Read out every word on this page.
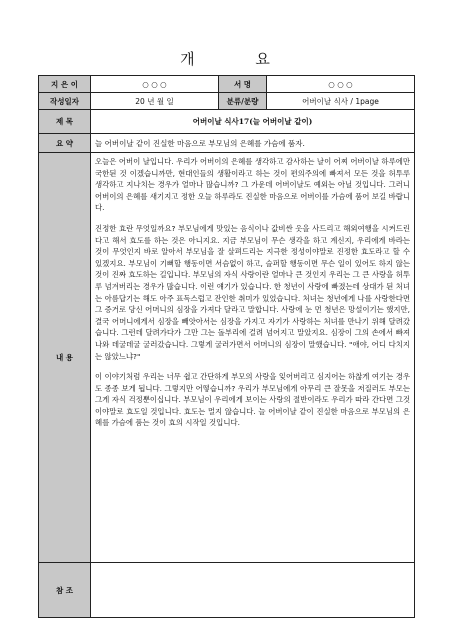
개 요
지 은 이	○ ○ ○	서 명	○ ○ ○
작성일자	20 년 월 일	분류/분량	어버이날 식사 / 1page
제 목	어버이날 식사17(늘 어버이날 같이)		
요 약	늘 어버이날 같이 진실한 마음으로 부모님의 은혜를 가슴에 품자.		
내 용	오늘은 어버이 날입니다. 우리가 어버이의 은혜를 생각하고 감사하는 날이 어찌 어버이날 하루에만 국한된 것 이겠습니까만, 현대인들의 생활이라고 하는 것이 편의주의에 빠져서 모든 것을 허투루 생각하고 지나치는 경우가 얼마나 많습니까? 그 가운데 어버이날도 예외는 아닐 것입니다. 그러니 어버이의 은혜를 새기지고 정한 오늘 하루라도 진실한 마음으로 어버이를 가슴에 품어 보길 바랍니다.

진정한 효란 무엇일까요? 부모님에게 맛있는 음식이나 값비싼 옷을 사드리고 해외여행을 시켜드린다고 해서 효도를 하는 것은 아니지요. 지금 부모님이 무슨 생각을 하고 계신지, 우리에게 바라는 것이 무엇인지 바로 알아서 부모님을 잘 살펴드리는 지극한 정성이야말로 진정한 효도라고 할 수 있겠지요. 부모님이 기뻐할 행동이면 서슴없이 하고, 슬퍼할 행동이면 무슨 일이 있어도 하지 않는 것이 진짜 효도하는 길입니다. 부모님의 자식 사랑이란 얼마나 큰 것인지 우리는 그 큰 사랑을 허투루 넘겨버리는 경우가 많습니다. 이런 얘기가 있습니다. 한 청년이 사랑에 빠졌는데 상대가 된 처녀는 아름답기는 해도 아주 표독스럽고 잔인한 취미가 있었습니다. 처녀는 청년에게 나를 사랑한다면 그 증거로 당신 어머니의 심장을 가져다 달라고 말합니다. 사랑에 눈 먼 청년은 망설이기는 했지만, 결국 어머니에게서 심장을 빼앗아서는 심장을 가지고 자기가 사랑하는 처녀를 만나기 위해 달려갔습니다. 그런데 달려가다가 그만 그는 돌부리에 걸려 넘어지고 말았지요. 심장이 그의 손에서 빠져나와 데굴데굴 굴러갔습니다. 그렇게 굴러가면서 어머니의 심장이 말했습니다. "애야, 어디 다치지는 않았느냐?"

이 이야기처럼 우리는 너무 쉽고 간단하게 부모의 사랑을 잊어버리고 심지어는 하찮게 여기는 경우도 종종 보게 됩니다. 그렇지만 어떻습니까? 우리가 부모님에게 아무리 큰 잘못을 저질러도 부모는 그게 자식 걱정뿐이십니다. 부모님이 우리에게 보이는 사랑의 절반이라도 우리가 따라 간다면 그것이야말로 효도일 것입니다. 효도는 멀지 않습니다. 늘 어버이날 같이 진실한 마음으로 부모님의 은혜를 가슴에 품는 것이 효의 시작일 것입니다.		

참 조			
